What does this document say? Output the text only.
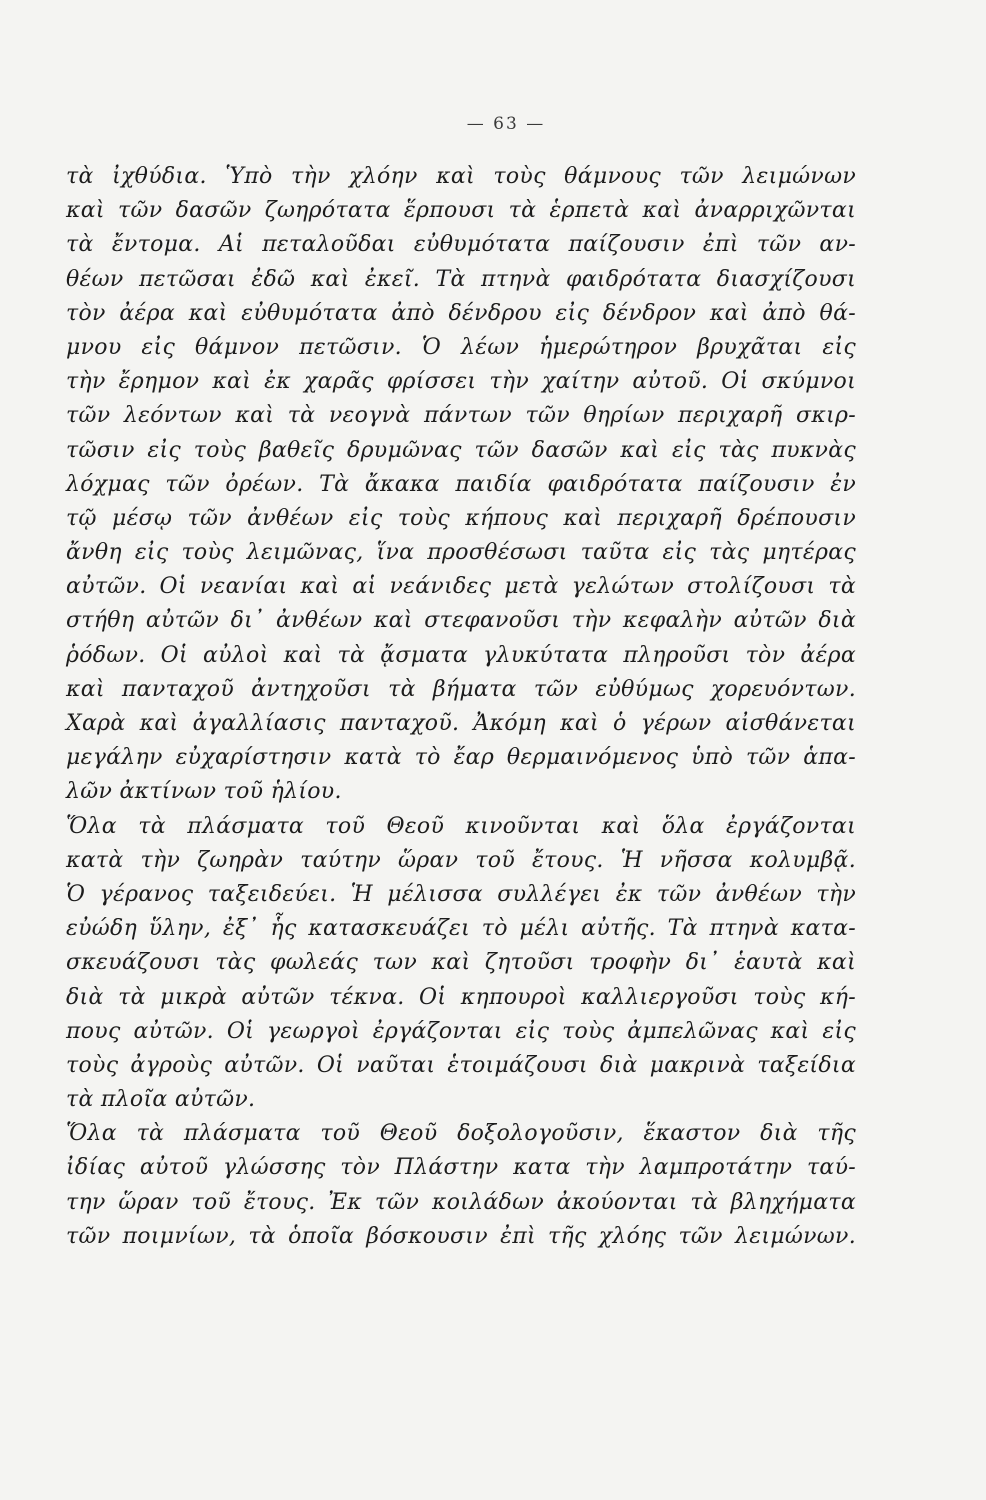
— 63 —
τὰ ἰχθύδια. Ὑπὸ τὴν χλόην καὶ τοὺς θάμνους τῶν λειμώνων
καὶ τῶν δασῶν ζωηρότατα ἕρπουσι τὰ ἑρπετὰ καὶ ἀναρριχῶνται
τὰ ἔντομα. Αἱ πεταλοῦδαι εὐθυμότατα παίζουσιν ἐπὶ τῶν αν-
θέων πετῶσαι ἐδῶ καὶ ἐκεῖ. Τὰ πτηνὰ φαιδρότατα διασχίζουσι
τὸν ἀέρα καὶ εὐθυμότατα ἀπὸ δένδρου εἰς δένδρον καὶ ἀπὸ θά-
μνου εἰς θάμνον πετῶσιν. Ὁ λέων ἡμερώτηρον βρυχᾶται εἰς
τὴν ἔρημον καὶ ἐκ χαρᾶς φρίσσει τὴν χαίτην αὐτοῦ. Οἱ σκύμνοι
τῶν λεόντων καὶ τὰ νεογνὰ πάντων τῶν θηρίων περιχαρῆ σκιρ-
τῶσιν εἰς τοὺς βαθεῖς δρυμῶνας τῶν δασῶν καὶ εἰς τὰς πυκνὰς
λόχμας τῶν ὀρέων. Τὰ ἄκακα παιδία φαιδρότατα παίζουσιν ἐν
τῷ μέσῳ τῶν ἀνθέων εἰς τοὺς κήπους καὶ περιχαρῆ δρέπουσιν
ἄνθη εἰς τοὺς λειμῶνας, ἵνα προσθέσωσι ταῦτα εἰς τὰς μητέρας
αὐτῶν. Οἱ νεανίαι καὶ αἱ νεάνιδες μετὰ γελώτων στολίζουσι τὰ
στήθη αὐτῶν δι᾿ ἀνθέων καὶ στεφανοῦσι τὴν κεφαλὴν αὐτῶν διὰ
ῥόδων. Οἱ αὐλοὶ καὶ τὰ ᾄσματα γλυκύτατα πληροῦσι τὸν ἀέρα
καὶ πανταχοῦ ἀντηχοῦσι τὰ βήματα τῶν εὐθύμως χορευόντων.
Χαρὰ καὶ ἀγαλλίασις πανταχοῦ. Ἀκόμη καὶ ὁ γέρων αἰσθάνεται
μεγάλην εὐχαρίστησιν κατὰ τὸ ἔαρ θερμαινόμενος ὑπὸ τῶν ἁπα-
λῶν ἀκτίνων τοῦ ἡλίου.
Ὅλα τὰ πλάσματα τοῦ Θεοῦ κινοῦνται καὶ ὅλα ἐργάζονται
κατὰ τὴν ζωηρὰν ταύτην ὥραν τοῦ ἔτους. Ἡ νῆσσα κολυμβᾷ.
Ὁ γέρανος ταξειδεύει. Ἡ μέλισσα συλλέγει ἐκ τῶν ἀνθέων τὴν
εὐώδη ὕλην, ἐξ᾿ ἧς κατασκευάζει τὸ μέλι αὐτῆς. Τὰ πτηνὰ κατα-
σκευάζουσι τὰς φωλεάς των καὶ ζητοῦσι τροφὴν δι᾿ ἑαυτὰ καὶ
διὰ τὰ μικρὰ αὐτῶν τέκνα. Οἱ κηπουροὶ καλλιεργοῦσι τοὺς κή-
πους αὐτῶν. Οἱ γεωργοὶ ἐργάζονται εἰς τοὺς ἀμπελῶνας καὶ εἰς
τοὺς ἀγροὺς αὐτῶν. Οἱ ναῦται ἑτοιμάζουσι διὰ μακρινὰ ταξείδια
τὰ πλοῖα αὐτῶν.
Ὅλα τὰ πλάσματα τοῦ Θεοῦ δοξολογοῦσιν, ἕκαστον διὰ τῆς
ἰδίας αὐτοῦ γλώσσης τὸν Πλάστην κατα τὴν λαμπροτάτην ταύ-
την ὥραν τοῦ ἔτους. Ἐκ τῶν κοιλάδων ἀκούονται τὰ βληχήματα
τῶν ποιμνίων, τὰ ὁποῖα βόσκουσιν ἐπὶ τῆς χλόης τῶν λειμώνων.
